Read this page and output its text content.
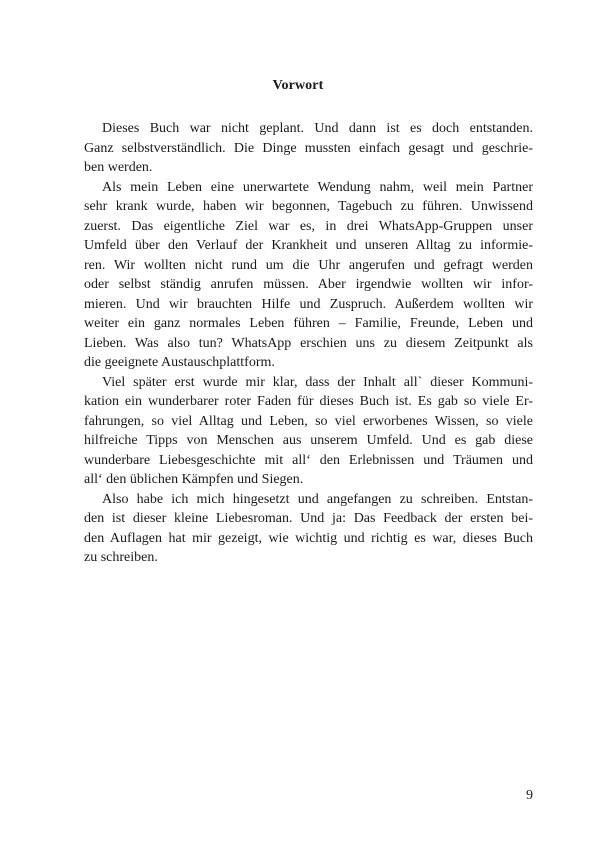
Vorwort
Dieses Buch war nicht geplant. Und dann ist es doch entstanden.
Ganz selbstverständlich. Die Dinge mussten einfach gesagt und geschrie-
ben werden.
Als mein Leben eine unerwartete Wendung nahm, weil mein Partner
sehr krank wurde, haben wir begonnen, Tagebuch zu führen. Unwissend
zuerst. Das eigentliche Ziel war es, in drei WhatsApp-Gruppen unser
Umfeld über den Verlauf der Krankheit und unseren Alltag zu informie-
ren. Wir wollten nicht rund um die Uhr angerufen und gefragt werden
oder selbst ständig anrufen müssen. Aber irgendwie wollten wir infor-
mieren. Und wir brauchten Hilfe und Zuspruch. Außerdem wollten wir
weiter ein ganz normales Leben führen – Familie, Freunde, Leben und
Lieben. Was also tun? WhatsApp erschien uns zu diesem Zeitpunkt als
die geeignete Austauschplattform.
Viel später erst wurde mir klar, dass der Inhalt all` dieser Kommuni-
kation ein wunderbarer roter Faden für dieses Buch ist. Es gab so viele Er-
fahrungen, so viel Alltag und Leben, so viel erworbenes Wissen, so viele
hilfreiche Tipps von Menschen aus unserem Umfeld. Und es gab diese
wunderbare Liebesgeschichte mit all‘ den Erlebnissen und Träumen und
all‘ den üblichen Kämpfen und Siegen.
Also habe ich mich hingesetzt und angefangen zu schreiben. Entstan-
den ist dieser kleine Liebesroman. Und ja: Das Feedback der ersten bei-
den Auflagen hat mir gezeigt, wie wichtig und richtig es war, dieses Buch
zu schreiben.
9
